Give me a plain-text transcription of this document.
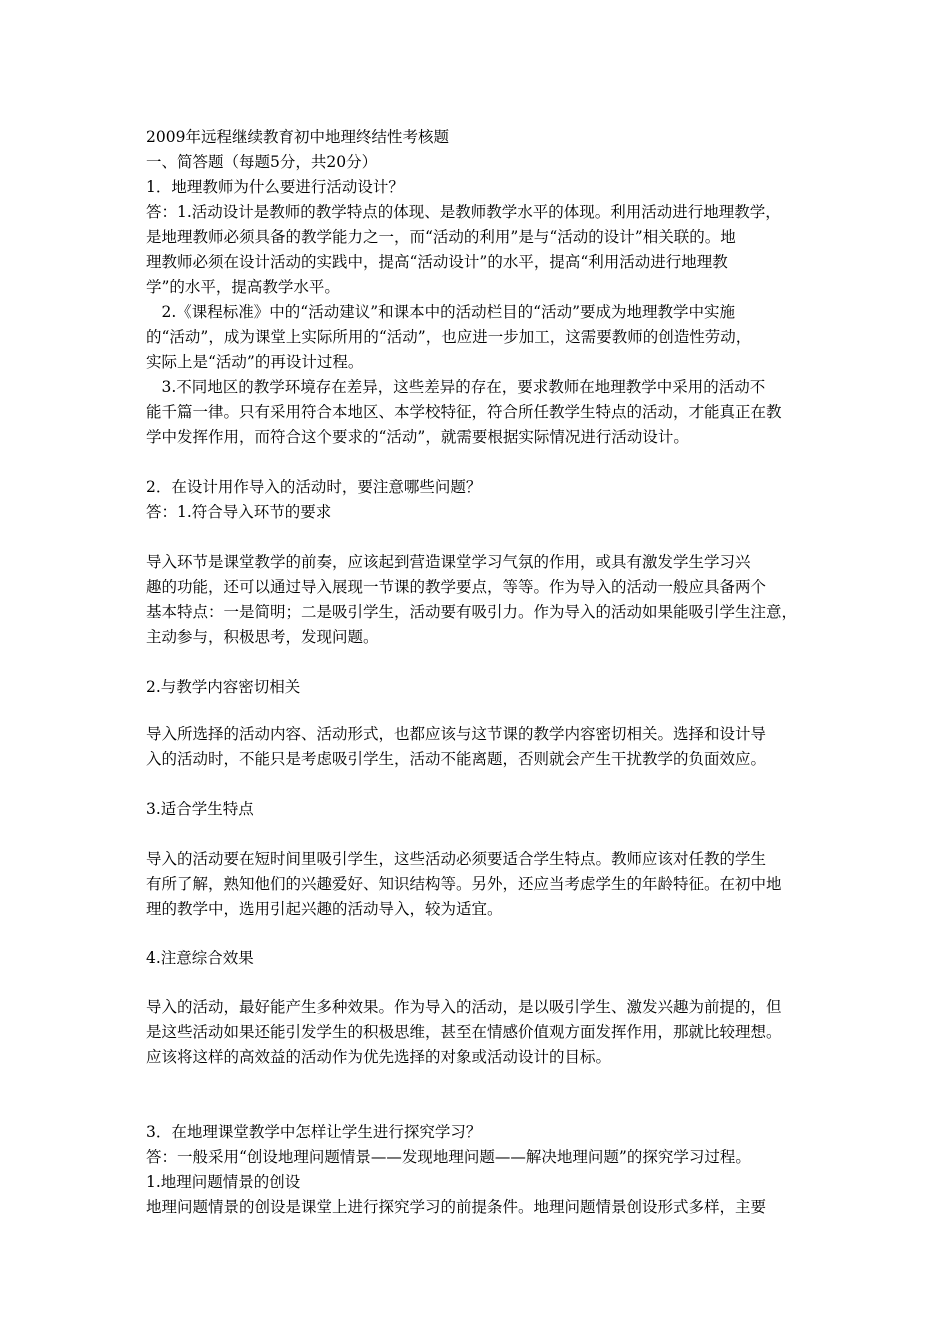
2009年远程继续教育初中地理终结性考核题
一、简答题（每题5分，共20分）
1．地理教师为什么要进行活动设计？
答：1.活动设计是教师的教学特点的体现、是教师教学水平的体现。利用活动进行地理教学，
是地理教师必须具备的教学能力之一，而“活动的利用”是与“活动的设计”相关联的。地
理教师必须在设计活动的实践中，提高“活动设计”的水平，提高“利用活动进行地理教
学”的水平，提高教学水平。
　2.《课程标准》中的“活动建议”和课本中的活动栏目的“活动”要成为地理教学中实施
的“活动”，成为课堂上实际所用的“活动”，也应进一步加工，这需要教师的创造性劳动，
实际上是“活动”的再设计过程。
　3.不同地区的教学环境存在差异，这些差异的存在，要求教师在地理教学中采用的活动不
能千篇一律。只有采用符合本地区、本学校特征，符合所任教学生特点的活动，才能真正在教
学中发挥作用，而符合这个要求的“活动”，就需要根据实际情况进行活动设计。
2．在设计用作导入的活动时，要注意哪些问题？
答：1.符合导入环节的要求
导入环节是课堂教学的前奏，应该起到营造课堂学习气氛的作用，或具有激发学生学习兴
趣的功能，还可以通过导入展现一节课的教学要点，等等。作为导入的活动一般应具备两个
基本特点：一是简明；二是吸引学生，活动要有吸引力。作为导入的活动如果能吸引学生注意，
主动参与，积极思考，发现问题。
2.与教学内容密切相关
导入所选择的活动内容、活动形式，也都应该与这节课的教学内容密切相关。选择和设计导
入的活动时，不能只是考虑吸引学生，活动不能离题，否则就会产生干扰教学的负面效应。
3.适合学生特点
导入的活动要在短时间里吸引学生，这些活动必须要适合学生特点。教师应该对任教的学生
有所了解，熟知他们的兴趣爱好、知识结构等。另外，还应当考虑学生的年龄特征。在初中地
理的教学中，选用引起兴趣的活动导入，较为适宜。
4.注意综合效果
导入的活动，最好能产生多种效果。作为导入的活动，是以吸引学生、激发兴趣为前提的，但
是这些活动如果还能引发学生的积极思维，甚至在情感价值观方面发挥作用，那就比较理想。
应该将这样的高效益的活动作为优先选择的对象或活动设计的目标。
3．在地理课堂教学中怎样让学生进行探究学习？
答：一般采用“创设地理问题情景——发现地理问题——解决地理问题”的探究学习过程。
1.地理问题情景的创设
地理问题情景的创设是课堂上进行探究学习的前提条件。地理问题情景创设形式多样，主要
